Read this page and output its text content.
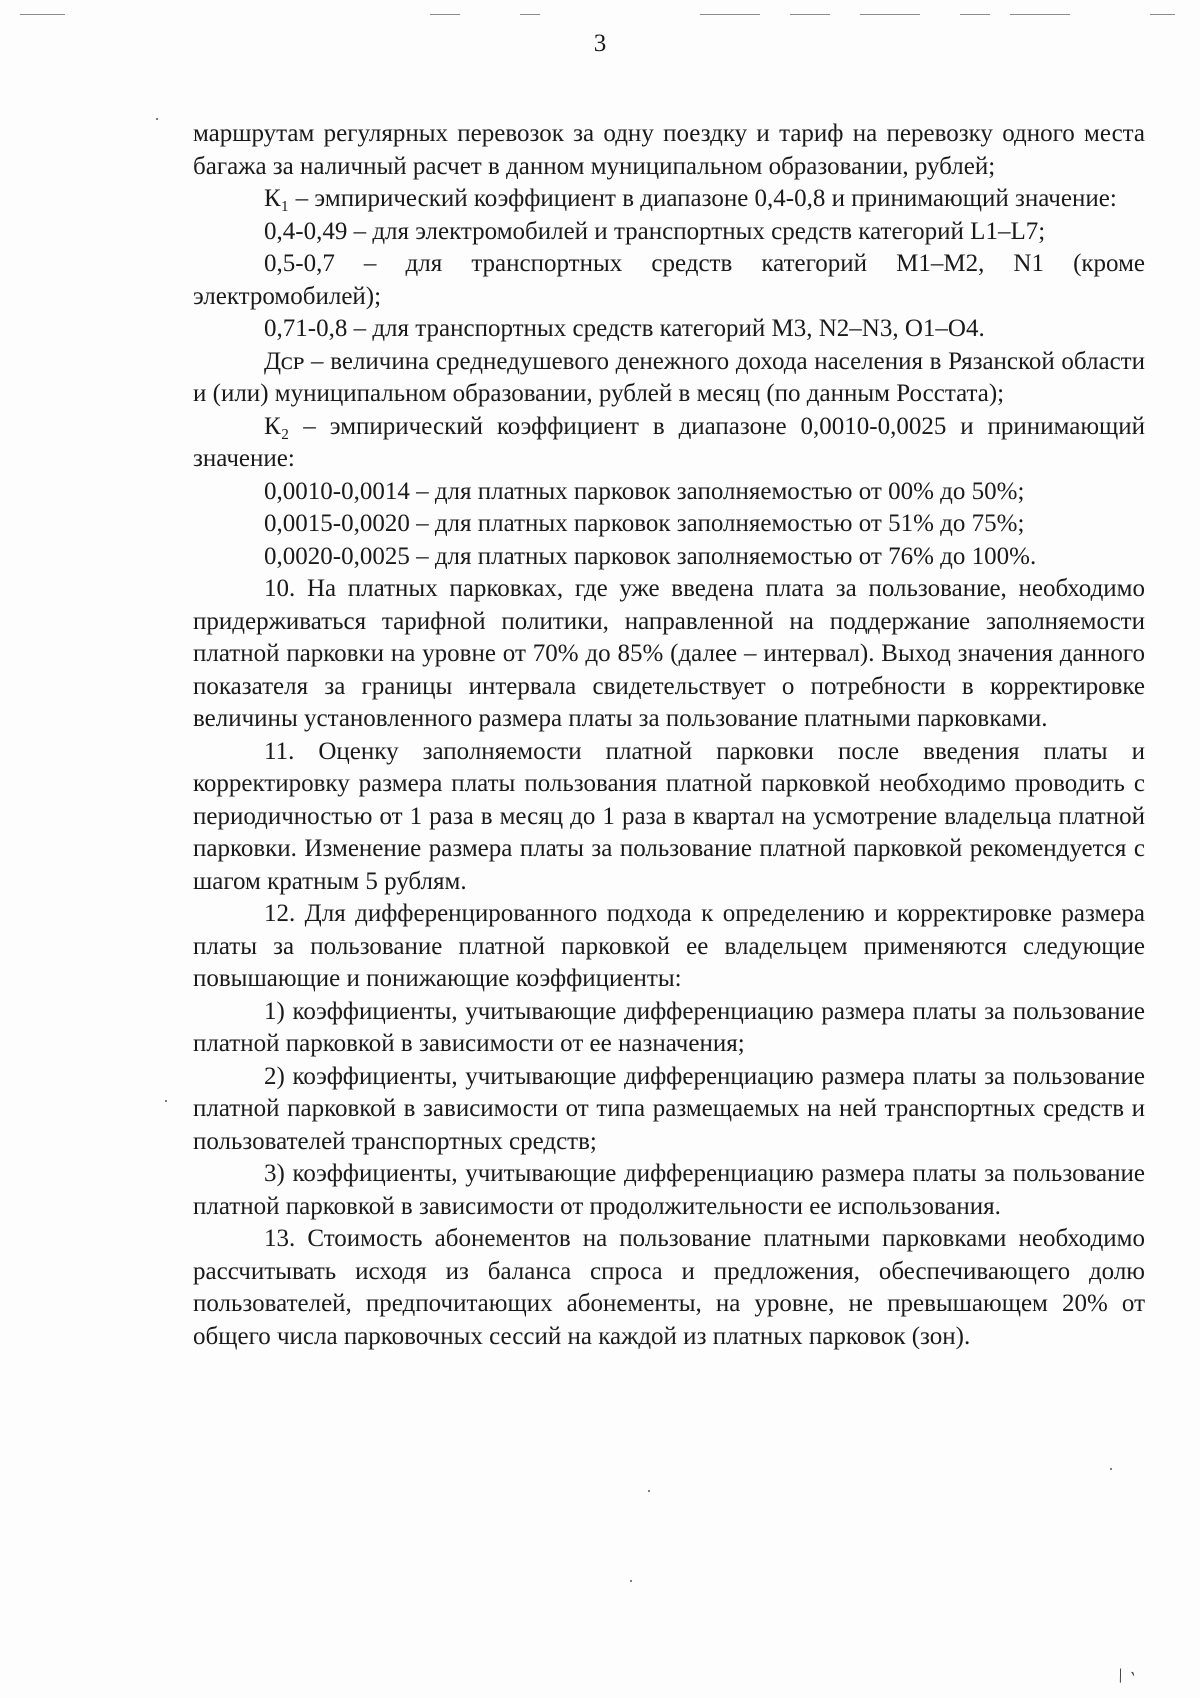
3

маршрутам регулярных перевозок за одну поездку и тариф на перевозку одного места багажа за наличный расчет в данном муниципальном образовании, рублей;

К₁ – эмпирический коэффициент в диапазоне 0,4-0,8 и принимающий значение:

0,4-0,49 – для электромобилей и транспортных средств категорий L1–L7;

0,5-0,7 – для транспортных средств категорий M1–M2, N1 (кроме электромобилей);

0,71-0,8 – для транспортных средств категорий M3, N2–N3, O1–O4.

Дᴄᴘ – величина среднедушевого денежного дохода населения в Рязанской области и (или) муниципальном образовании, рублей в месяц (по данным Росстата);

К₂ – эмпирический коэффициент в диапазоне 0,0010-0,0025 и принимающий значение:

0,0010-0,0014 – для платных парковок заполняемостью от 00% до 50%;

0,0015-0,0020 – для платных парковок заполняемостью от 51% до 75%;

0,0020-0,0025 – для платных парковок заполняемостью от 76% до 100%.

10. На платных парковках, где уже введена плата за пользование, необходимо придерживаться тарифной политики, направленной на поддержание заполняемости платной парковки на уровне от 70% до 85% (далее – интервал). Выход значения данного показателя за границы интервала свидетельствует о потребности в корректировке величины установленного размера платы за пользование платными парковками.

11. Оценку заполняемости платной парковки после введения платы и корректировку размера платы пользования платной парковкой необходимо проводить с периодичностью от 1 раза в месяц до 1 раза в квартал на усмотрение владельца платной парковки. Изменение размера платы за пользование платной парковкой рекомендуется с шагом кратным 5 рублям.

12. Для дифференцированного подхода к определению и корректировке размера платы за пользование платной парковкой ее владельцем применяются следующие повышающие и понижающие коэффициенты:

1) коэффициенты, учитывающие дифференциацию размера платы за пользование платной парковкой в зависимости от ее назначения;

2) коэффициенты, учитывающие дифференциацию размера платы за пользование платной парковкой в зависимости от типа размещаемых на ней транспортных средств и пользователей транспортных средств;

3) коэффициенты, учитывающие дифференциацию размера платы за пользование платной парковкой в зависимости от продолжительности ее использования.

13. Стоимость абонементов на пользование платными парковками необходимо рассчитывать исходя из баланса спроса и предложения, обеспечивающего долю пользователей, предпочитающих абонементы, на уровне, не превышающем 20% от общего числа парковочных сессий на каждой из платных парковок (зон).

\ `
